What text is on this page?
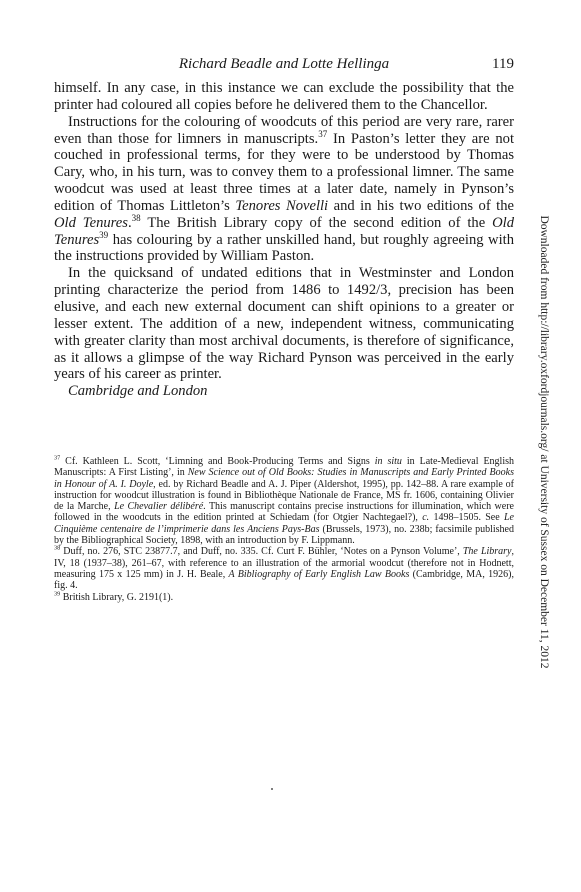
Richard Beadle and Lotte Hellinga	119

himself. In any case, in this instance we can exclude the possibility that the printer had coloured all copies before he delivered them to the Chancellor.

Instructions for the colouring of woodcuts of this period are very rare, rarer even than those for limners in manuscripts.$^{37}$ In Paston’s letter they are not couched in professional terms, for they were to be understood by Thomas Cary, who, in his turn, was to convey them to a professional limner. The same woodcut was used at least three times at a later date, namely in Pynson’s edition of Thomas Littleton’s Tenores Novelli and in his two editions of the Old Tenures.$^{38}$ The British Library copy of the second edition of the Old Tenures$^{39}$ has colouring by a rather unskilled hand, but roughly agreeing with the instructions provided by William Paston.

In the quicksand of undated editions that in Westminster and London printing characterize the period from 1486 to 1492/3, precision has been elusive, and each new external document can shift opinions to a greater or lesser extent. The addition of a new, independent witness, communicating with greater clarity than most archival documents, is therefore of significance, as it allows a glimpse of the way Richard Pynson was perceived in the early years of his career as printer.

Cambridge and London

$^{37}$ Cf. Kathleen L. Scott, ‘Limning and Book-Producing Terms and Signs in situ in Late-Medieval English Manuscripts: A First Listing’, in New Science out of Old Books: Studies in Manuscripts and Early Printed Books in Honour of A. I. Doyle, ed. by Richard Beadle and A. J. Piper (Aldershot, 1995), pp. 142–88. A rare example of instruction for woodcut illustration is found in Bibliothèque Nationale de France, MS fr. 1606, containing Olivier de la Marche, Le Chevalier délibéré. This manuscript contains precise instructions for illumination, which were followed in the woodcuts in the edition printed at Schiedam (for Otgier Nachtegael?), c. 1498–1505. See Le Cinquième centenaire de l’imprimerie dans les Anciens Pays-Bas (Brussels, 1973), no. 238b; facsimile published by the Bibliographical Society, 1898, with an introduction by F. Lippmann.

$^{38}$ Duff, no. 276, STC 23877.7, and Duff, no. 335. Cf. Curt F. Bühler, ‘Notes on a Pynson Volume’, The Library, IV, 18 (1937–38), 261–67, with reference to an illustration of the armorial woodcut (therefore not in Hodnett, measuring 175 x 125 mm) in J. H. Beale, A Bibliography of Early English Law Books (Cambridge, MA, 1926), fig. 4.

$^{39}$ British Library, G. 2191(1).	Downloaded from http://library.oxfordjournals.org/ at University of Sussex on December 11, 2012
